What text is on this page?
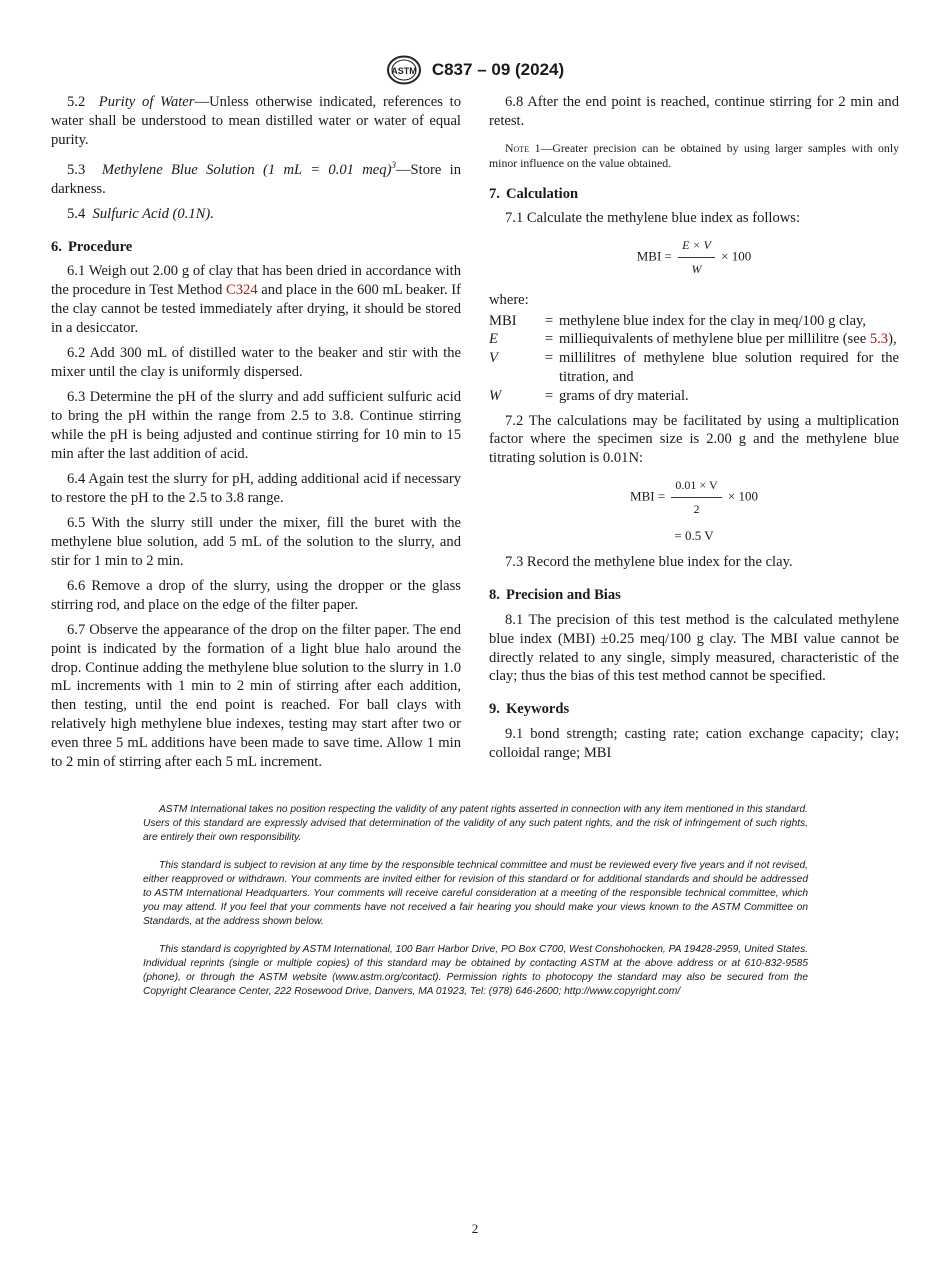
ASTM C837 – 09 (2024)

5.2 Purity of Water—Unless otherwise indicated, references to water shall be understood to mean distilled water or water of equal purity.

5.3 Methylene Blue Solution (1 mL = 0.01 meq)$^3$—Store in darkness.

5.4 Sulfuric Acid (0.1N).

6. Procedure

6.1 Weigh out 2.00 g of clay that has been dried in accordance with the procedure in Test Method C324 and place in the 600 mL beaker. If the clay cannot be tested immediately after drying, it should be stored in a desiccator.

6.2 Add 300 mL of distilled water to the beaker and stir with the mixer until the clay is uniformly dispersed.

6.3 Determine the pH of the slurry and add sufficient sulfuric acid to bring the pH within the range from 2.5 to 3.8. Continue stirring while the pH is being adjusted and continue stirring for 10 min to 15 min after the last addition of acid.

6.4 Again test the slurry for pH, adding additional acid if necessary to restore the pH to the 2.5 to 3.8 range.

6.5 With the slurry still under the mixer, fill the buret with the methylene blue solution, add 5 mL of the solution to the slurry, and stir for 1 min to 2 min.

6.6 Remove a drop of the slurry, using the dropper or the glass stirring rod, and place on the edge of the filter paper.

6.7 Observe the appearance of the drop on the filter paper. The end point is indicated by the formation of a light blue halo around the drop. Continue adding the methylene blue solution to the slurry in 1.0 mL increments with 1 min to 2 min of stirring after each addition, then testing, until the end point is reached. For ball clays with relatively high methylene blue indexes, testing may start after two or even three 5 mL additions have been made to save time. Allow 1 min to 2 min of stirring after each 5 mL increment.

6.8 After the end point is reached, continue stirring for 2 min and retest.

Note 1—Greater precision can be obtained by using larger samples with only minor influence on the value obtained.

7. Calculation

7.1 Calculate the methylene blue index as follows:

MBI = $\frac{E \times V}{W} \times 100$
where:
MBI	=	methylene blue index for the clay in meq/100 g clay,
E	=	milliequivalents of methylene blue per millilitre (see 5.3),
V	=	millilitres of methylene blue solution required for the titration, and
W	=	grams of dry material.

7.2 The calculations may be facilitated by using a multiplication factor where the specimen size is 2.00 g and the methylene blue titrating solution is 0.01N:

MBI = $\frac{0.01 \times V}{2} \times 100$
= 0.5 V

7.3 Record the methylene blue index for the clay.

8. Precision and Bias

8.1 The precision of this test method is the calculated methylene blue index (MBI) ±0.25 meq/100 g clay. The MBI value cannot be directly related to any single, simply measured, characteristic of the clay; thus the bias of this test method cannot be specified.

9. Keywords

9.1 bond strength; casting rate; cation exchange capacity; clay; colloidal range; MBI

ASTM International takes no position respecting the validity of any patent rights asserted in connection with any item mentioned in this standard. Users of this standard are expressly advised that determination of the validity of any such patent rights, and the risk of infringement of such rights, are entirely their own responsibility.

This standard is subject to revision at any time by the responsible technical committee and must be reviewed every five years and if not revised, either reapproved or withdrawn. Your comments are invited either for revision of this standard or for additional standards and should be addressed to ASTM International Headquarters. Your comments will receive careful consideration at a meeting of the responsible technical committee, which you may attend. If you feel that your comments have not received a fair hearing you should make your views known to the ASTM Committee on Standards, at the address shown below.

This standard is copyrighted by ASTM International, 100 Barr Harbor Drive, PO Box C700, West Conshohocken, PA 19428-2959, United States. Individual reprints (single or multiple copies) of this standard may be obtained by contacting ASTM at the above address or at 610-832-9585 (phone), or through the ASTM website (www.astm.org/contact). Permission rights to photocopy the standard may also be secured from the Copyright Clearance Center, 222 Rosewood Drive, Danvers, MA 01923, Tel: (978) 646-2600; http://www.copyright.com/

2
